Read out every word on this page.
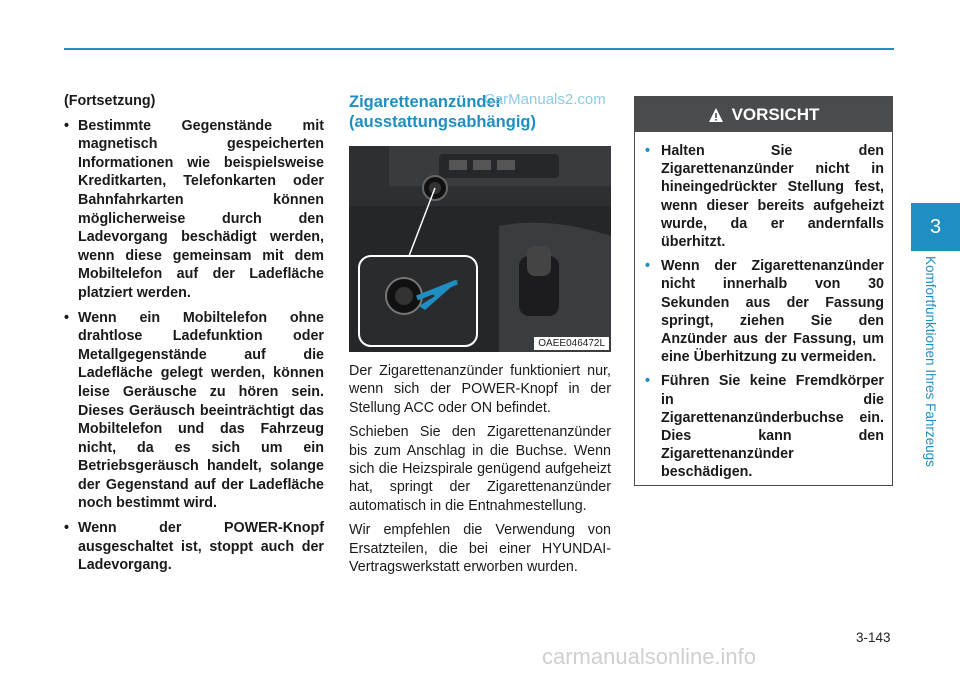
(Fortsetzung)

• Bestimmte Gegenstände mit magnetisch gespeicherten Informationen wie beispielsweise Kreditkarten, Telefonkarten oder Bahnfahrkarten können möglicherweise durch den Ladevorgang beschädigt werden, wenn diese gemeinsam mit dem Mobiltelefon auf der Ladefläche platziert werden.
• Wenn ein Mobiltelefon ohne drahtlose Ladefunktion oder Metallgegenstände auf die Ladefläche gelegt werden, können leise Geräusche zu hören sein. Dieses Geräusch beeinträchtigt das Mobiltelefon und das Fahrzeug nicht, da es sich um ein Betriebsgeräusch handelt, solange der Gegenstand auf der Ladefläche noch bestimmt wird.
• Wenn der POWER-Knopf ausgeschaltet ist, stoppt auch der Ladevorgang.
Zigarettenanzünder (ausstattungsabhängig)
OAEE046472L

Der Zigarettenanzünder funktioniert nur, wenn sich der POWER-Knopf in der Stellung ACC oder ON befindet.

Schieben Sie den Zigarettenanzünder bis zum Anschlag in die Buchse. Wenn sich die Heizspirale genügend aufgeheizt hat, springt der Zigarettenanzünder automatisch in die Entnahmestellung.

Wir empfehlen die Verwendung von Ersatzteilen, die bei einer HYUNDAI-Vertragswerkstatt erworben wurden.

VORSICHT
• Halten Sie den Zigarettenanzünder nicht in hineingedrückter Stellung fest, wenn dieser bereits aufgeheizt wurde, da er andernfalls überhitzt.
• Wenn der Zigarettenanzünder nicht innerhalb von 30 Sekunden aus der Fassung springt, ziehen Sie den Anzünder aus der Fassung, um eine Überhitzung zu vermeiden.
• Führen Sie keine Fremdkörper in die Zigarettenanzünderbuchse ein. Dies kann den Zigarettenanzünder beschädigen.
3
Komfortfunktionen Ihres Fahrzeugs
3-143
CarManuals2.com
carmanualsonline.info
